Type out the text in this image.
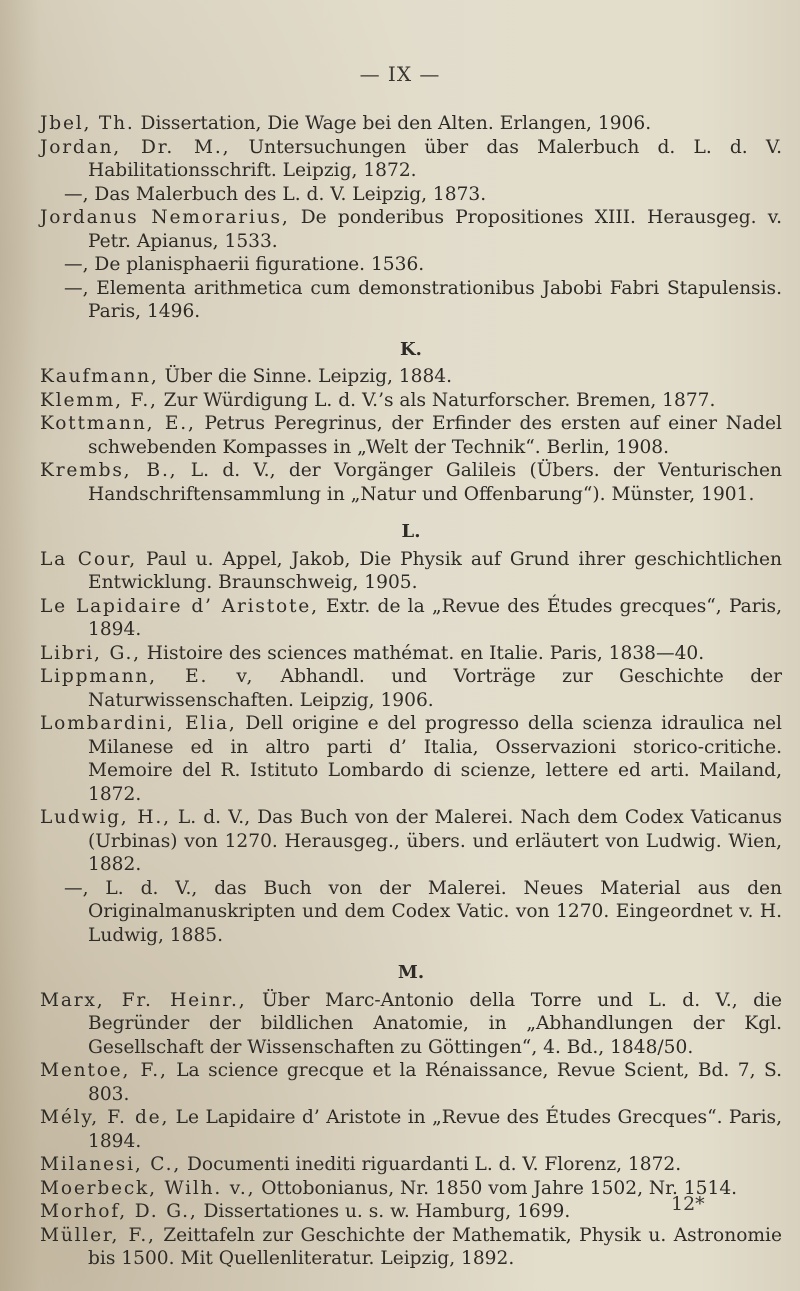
— IX —
Jbel, Th. Dissertation, Die Wage bei den Alten. Erlangen, 1906.
Jordan, Dr. M., Untersuchungen über das Malerbuch d. L. d. V. Habilitationsschrift. Leipzig, 1872.
—, Das Malerbuch des L. d. V. Leipzig, 1873.
Jordanus Nemorarius, De ponderibus Propositiones XIII. Herausgeg. v. Petr. Apianus, 1533.
—, De planisphaerii figuratione. 1536.
—, Elementa arithmetica cum demonstrationibus Jabobi Fabri Stapulensis. Paris, 1496.
K.
Kaufmann, Über die Sinne. Leipzig, 1884.
Klemm, F., Zur Würdigung L. d. V.’s als Naturforscher. Bremen, 1877.
Kottmann, E., Petrus Peregrinus, der Erfinder des ersten auf einer Nadel schwebenden Kompasses in „Welt der Technik“. Berlin, 1908.
Krembs, B., L. d. V., der Vorgänger Galileis (Übers. der Venturischen Handschriftensammlung in „Natur und Offenbarung“). Münster, 1901.
L.
La Cour, Paul u. Appel, Jakob, Die Physik auf Grund ihrer geschichtlichen Entwicklung. Braunschweig, 1905.
Le Lapidaire d’ Aristote, Extr. de la „Revue des Études grecques“, Paris, 1894.
Libri, G., Histoire des sciences mathémat. en Italie. Paris, 1838—40.
Lippmann, E. v, Abhandl. und Vorträge zur Geschichte der Naturwissenschaften. Leipzig, 1906.
Lombardini, Elia, Dell origine e del progresso della scienza idraulica nel Milanese ed in altro parti d’ Italia, Osservazioni storico-critiche. Memoire del R. Istituto Lombardo di scienze, lettere ed arti. Mailand, 1872.
Ludwig, H., L. d. V., Das Buch von der Malerei. Nach dem Codex Vaticanus (Urbinas) von 1270. Herausgeg., übers. und erläutert von Ludwig. Wien, 1882.
—, L. d. V., das Buch von der Malerei. Neues Material aus den Originalmanuskripten und dem Codex Vatic. von 1270. Eingeordnet v. H. Ludwig, 1885.
M.
Marx, Fr. Heinr., Über Marc-Antonio della Torre und L. d. V., die Begründer der bildlichen Anatomie, in „Abhandlungen der Kgl. Gesellschaft der Wissenschaften zu Göttingen“, 4. Bd., 1848/50.
Mentoe, F., La science grecque et la Rénaissance, Revue Scient, Bd. 7, S. 803.
Mély, F. de, Le Lapidaire d’ Aristote in „Revue des Études Grecques“. Paris, 1894.
Milanesi, C., Documenti inediti riguardanti L. d. V. Florenz, 1872.
Moerbeck, Wilh. v., Ottobonianus, Nr. 1850 vom Jahre 1502, Nr. 1514.
Morhof, D. G., Dissertationes u. s. w. Hamburg, 1699.
Müller, F., Zeittafeln zur Geschichte der Mathematik, Physik u. Astronomie bis 1500. Mit Quellenliteratur. Leipzig, 1892.
12*
